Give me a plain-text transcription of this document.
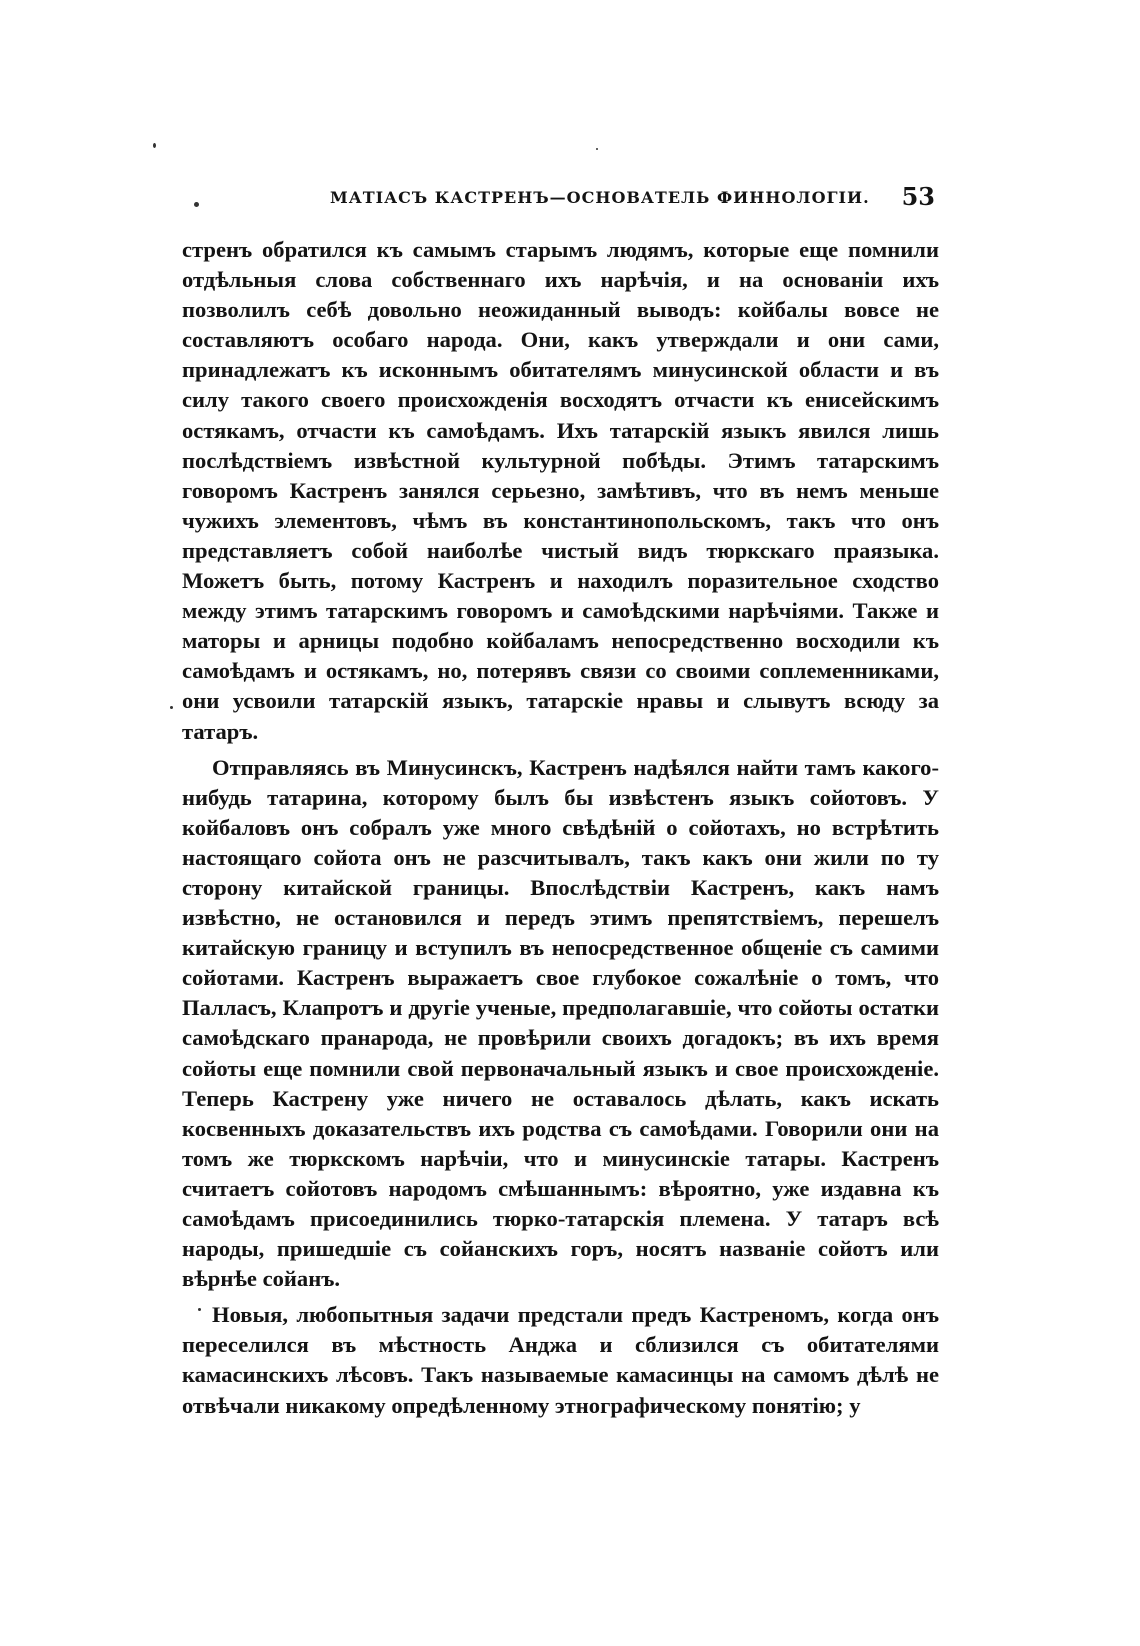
МАТІАСЪ КАСТРЕНЪ—ОСНОВАТЕЛЬ ФИННОЛОГІИ. 53

стренъ обратился къ самымъ старымъ людямъ, которые еще помнили отдѣльныя слова собственнаго ихъ нарѣчія, и на основаніи ихъ позволилъ себѣ довольно неожиданный выводъ: койбалы вовсе не составляютъ особаго народа. Они, какъ утверждали и они сами, принадлежатъ къ исконнымъ обитателямъ минусинской области и въ силу такого своего происхожденія восходятъ отчасти къ енисейскимъ остякамъ, отчасти къ самоѣдамъ. Ихъ татарскій языкъ явился лишь послѣдствіемъ извѣстной культурной побѣды. Этимъ татарскимъ говоромъ Кастренъ занялся серьезно, замѣтивъ, что въ немъ меньше чужихъ элементовъ, чѣмъ въ константинопольскомъ, такъ что онъ представляетъ собой наиболѣе чистый видъ тюркскаго праязыка. Можетъ быть, потому Кастренъ и находилъ поразительное сходство между этимъ татарскимъ говоромъ и самоѣдскими нарѣчіями. Также и маторы и арницы подобно койбаламъ непосредственно восходили къ самоѣдамъ и остякамъ, но, потерявъ связи со своими соплеменниками, они усвоили татарскій языкъ, татарскіе нравы и слывутъ всюду за татаръ.

Отправляясь въ Минусинскъ, Кастренъ надѣялся найти тамъ какого-нибудь татарина, которому былъ бы извѣстенъ языкъ сойотовъ. У койбаловъ онъ собралъ уже много свѣдѣній о сойотахъ, но встрѣтить настоящаго сойота онъ не разсчитывалъ, такъ какъ они жили по ту сторону китайской границы. Впослѣдствіи Кастренъ, какъ намъ извѣстно, не остановился и передъ этимъ препятствіемъ, перешелъ китайскую границу и вступилъ въ непосредственное общеніе съ самими сойотами. Кастренъ выражаетъ свое глубокое сожалѣніе о томъ, что Палласъ, Клапротъ и другіе ученые, предполагавшіе, что сойоты остатки самоѣдскаго пранарода, не провѣрили своихъ догадокъ; въ ихъ время сойоты еще помнили свой первоначальный языкъ и свое происхожденіе. Теперь Кастрену уже ничего не оставалось дѣлать, какъ искать косвенныхъ доказательствъ ихъ родства съ самоѣдами. Говорили они на томъ же тюркскомъ нарѣчіи, что и минусинскіе татары. Кастренъ считаетъ сойотовъ народомъ смѣшаннымъ: вѣроятно, уже издавна къ самоѣдамъ присоединились тюрко-татарскія племена. У татаръ всѣ народы, пришедшіе съ сойанскихъ горъ, носятъ названіе сойотъ или вѣрнѣе сойанъ.

Новыя, любопытныя задачи предстали предъ Кастреномъ, когда онъ переселился въ мѣстность Анджа и сблизился съ обитателями камасинскихъ лѣсовъ. Такъ называемые камасинцы на самомъ дѣлѣ не отвѣчали никакому опредѣленному этнографическому понятію; у
